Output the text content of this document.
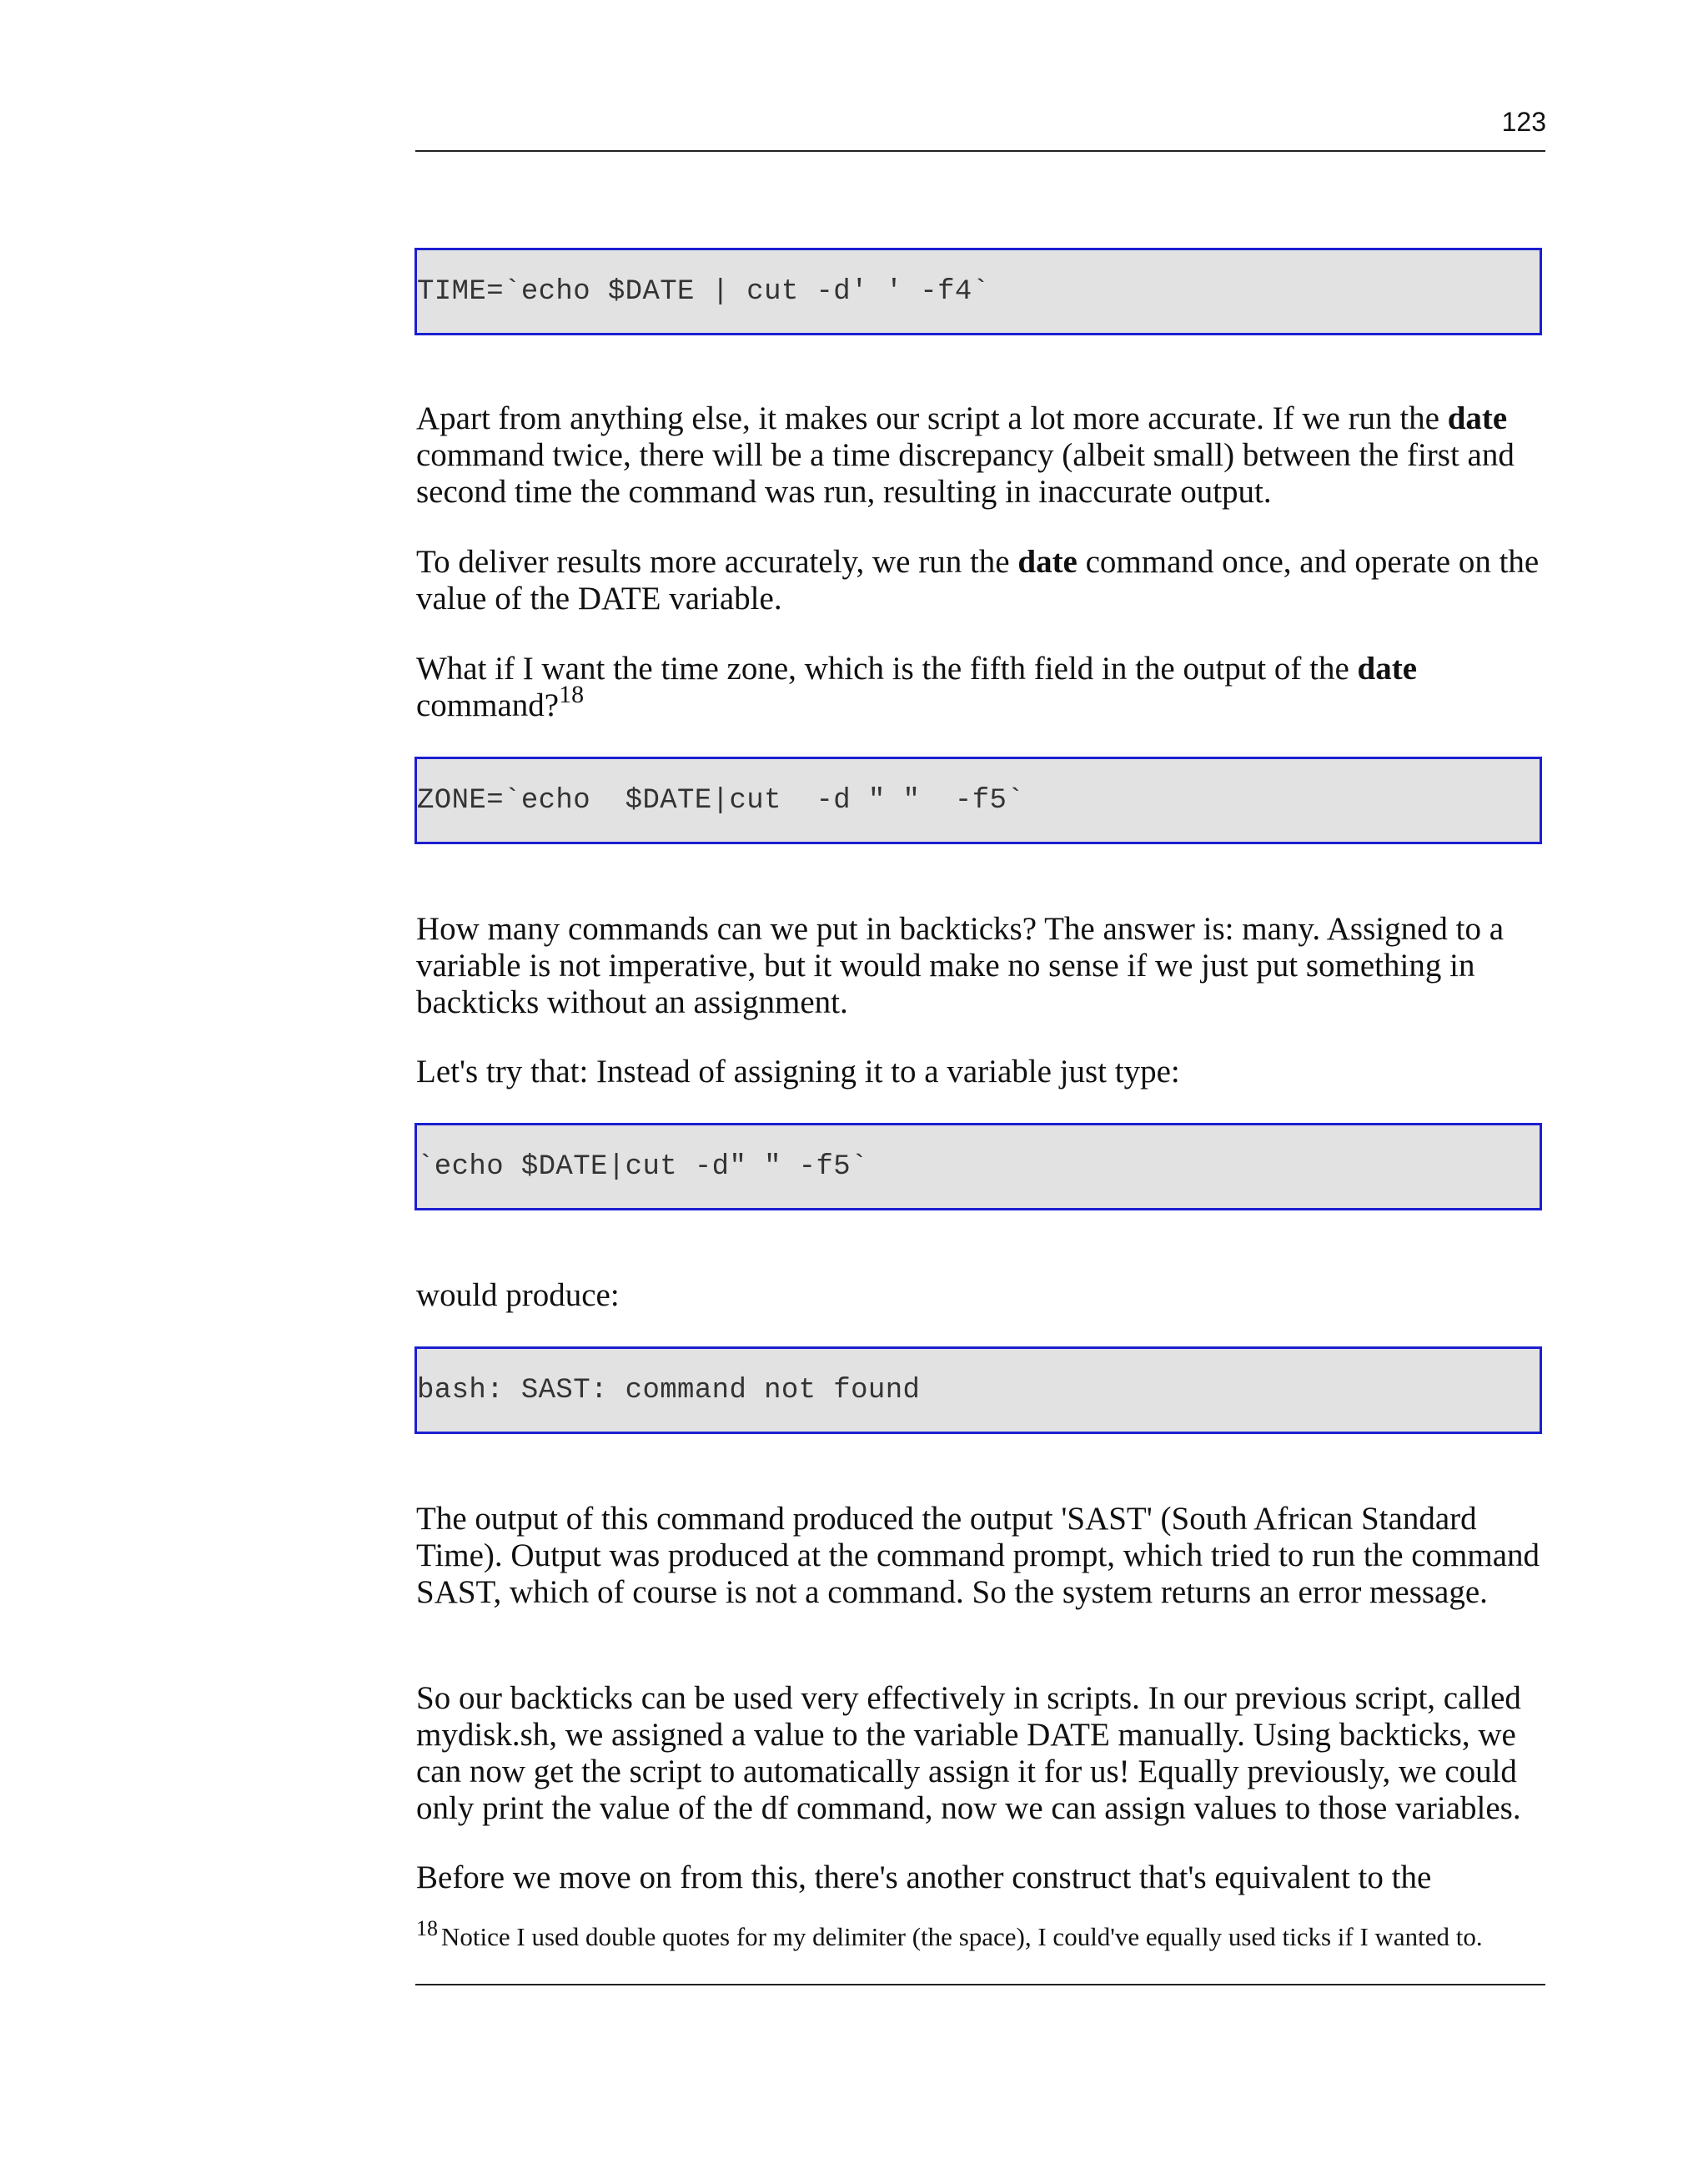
123
TIME=`echo $DATE | cut -d' ' -f4`

Apart from anything else, it makes our script a lot more accurate. If we run the date command twice, there will be a time discrepancy (albeit small) between the first and second time the command was run, resulting in inaccurate output.

To deliver results more accurately, we run the date command once, and operate on the value of the DATE variable.

What if I want the time zone, which is the fifth field in the output of the date command?$^{18}$

ZONE=`echo  $DATE|cut  -d " "  -f5`

How many commands can we put in backticks? The answer is: many. Assigned to a variable is not imperative, but it would make no sense if we just put something in backticks without an assignment.

Let's try that: Instead of assigning it to a variable just type:

`echo $DATE|cut -d" " -f5`

would produce:

bash: SAST: command not found

The output of this command produced the output 'SAST' (South African Standard Time). Output was produced at the command prompt, which tried to run the command SAST, which of course is not a command. So the system returns an error message.

So our backticks can be used very effectively in scripts. In our previous script, called mydisk.sh, we assigned a value to the variable DATE manually. Using backticks, we can now get the script to automatically assign it for us! Equally previously, we could only print the value of the df command, now we can assign values to those variables.

Before we move on from this, there's another construct that's equivalent to the

$^{18}$ Notice I used double quotes for my delimiter (the space), I could've equally used ticks if I wanted to.
